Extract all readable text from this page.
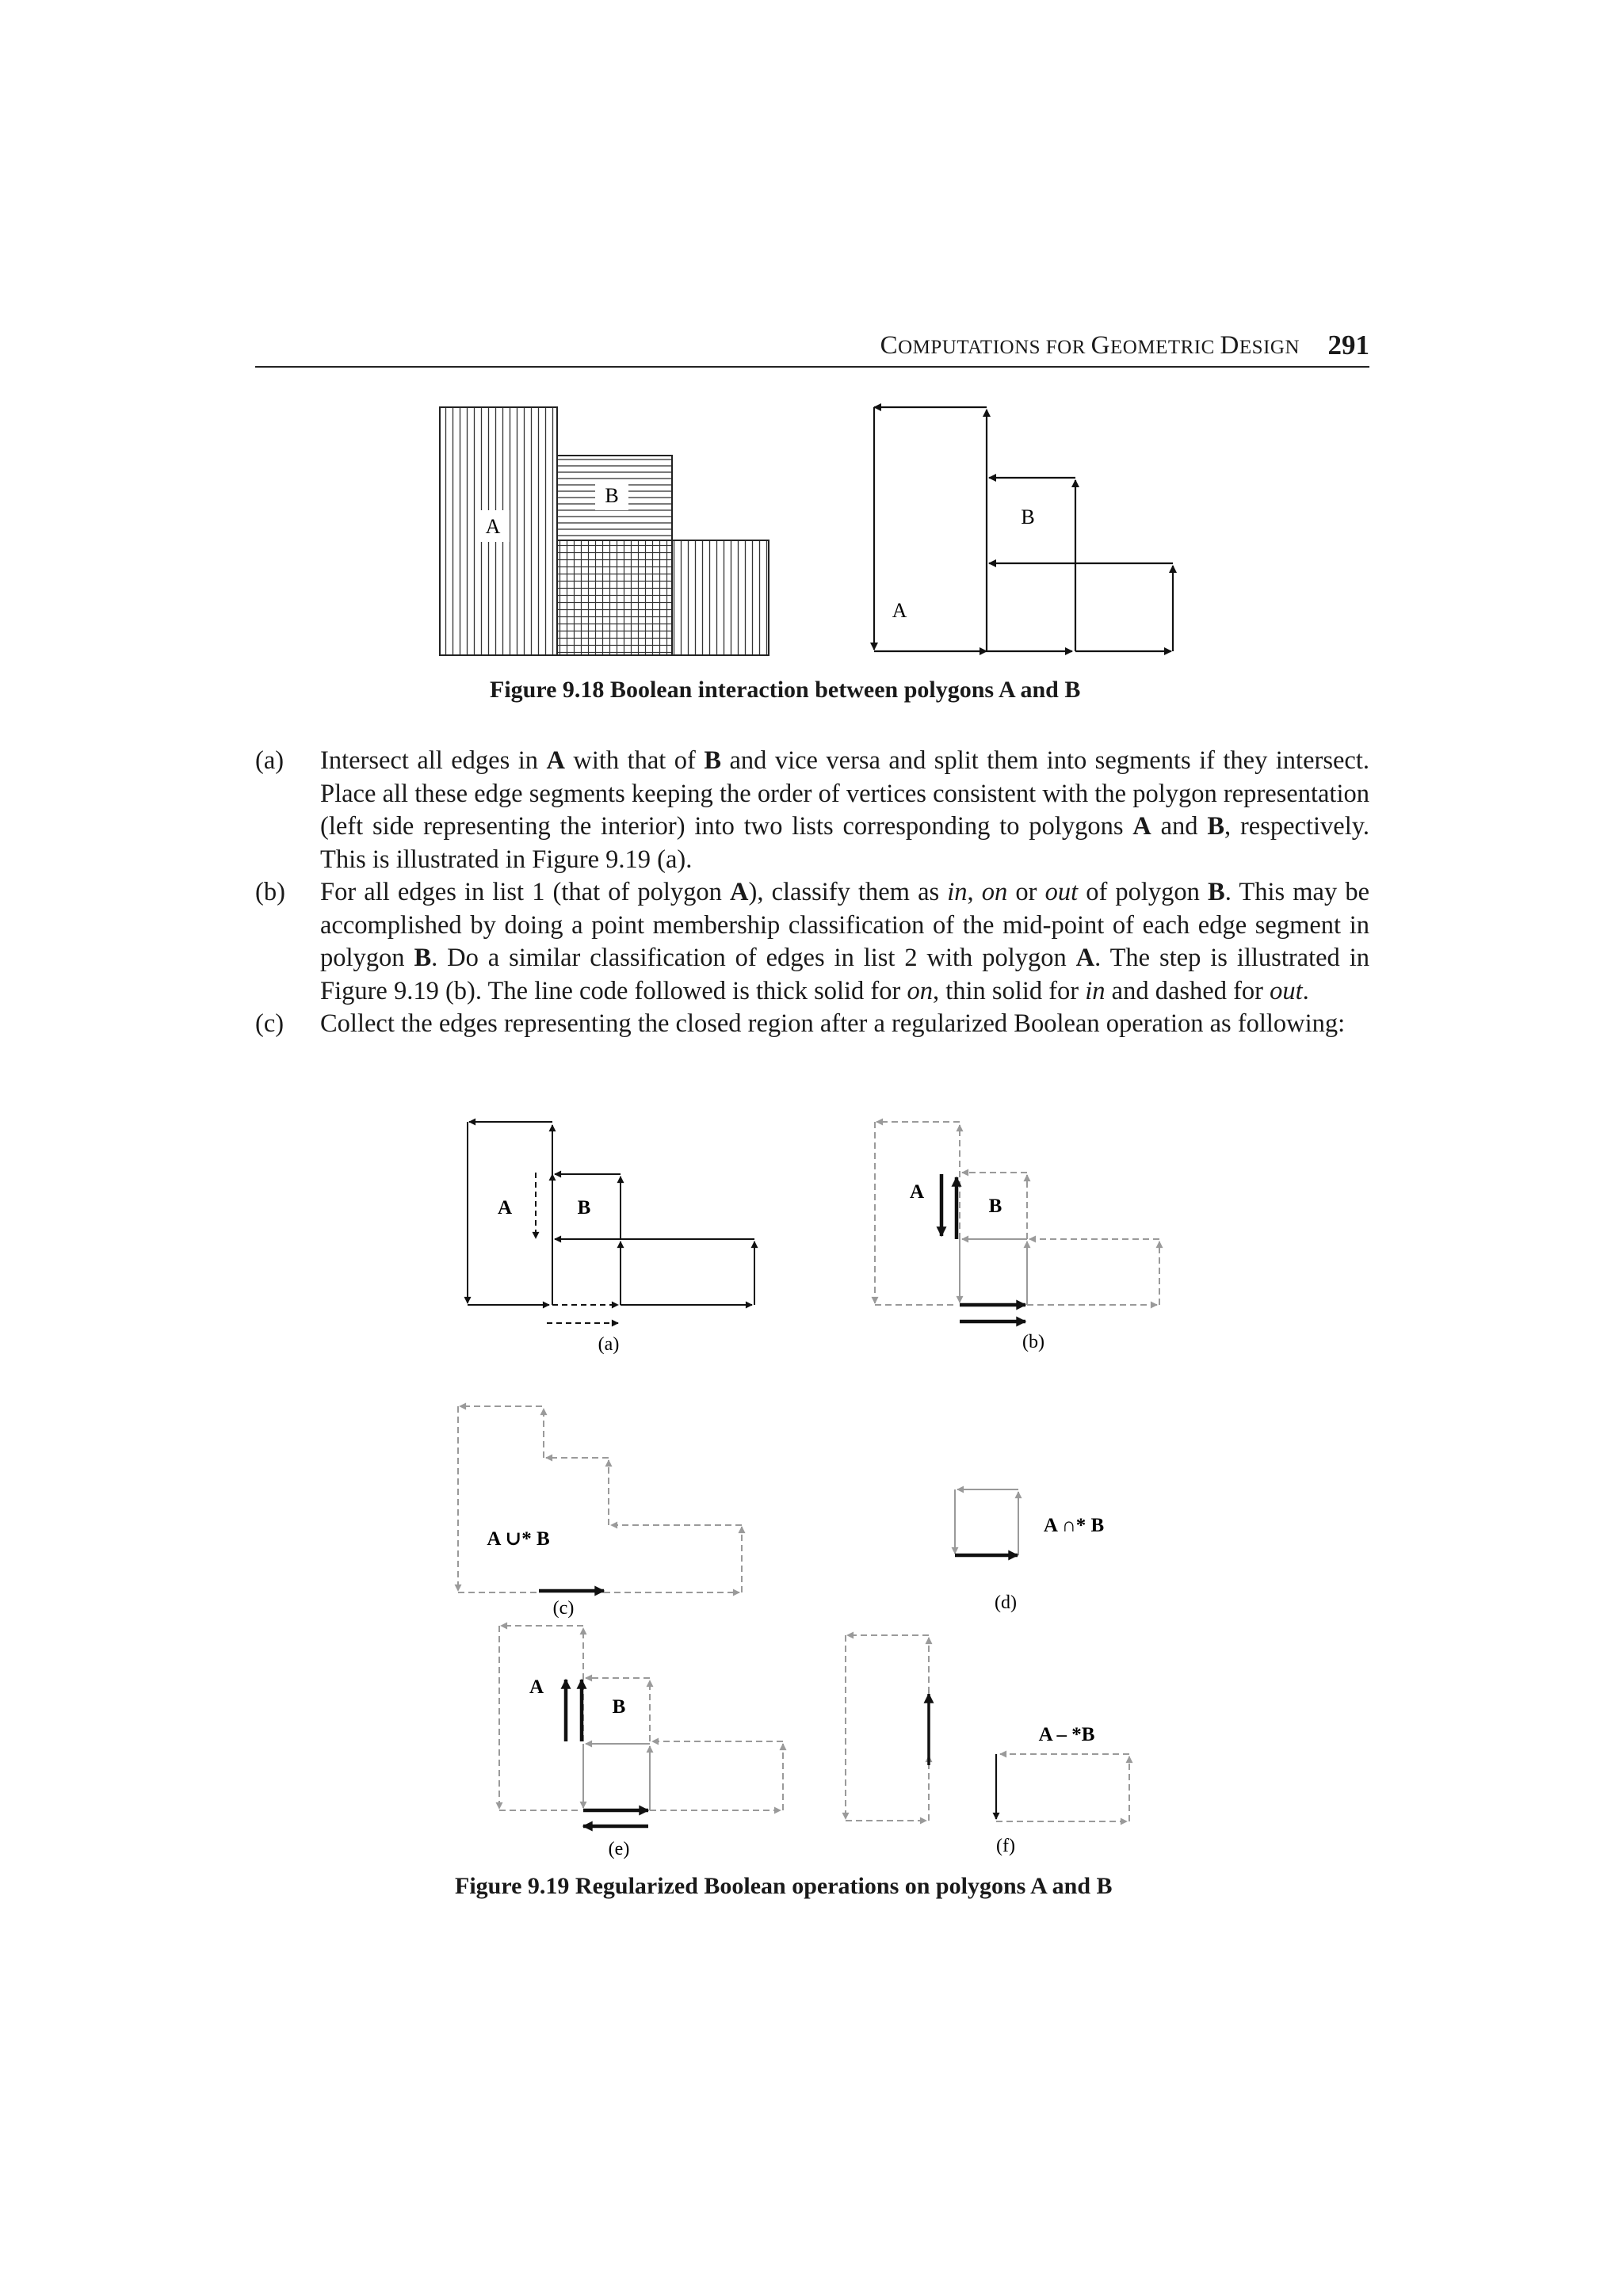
COMPUTATIONS FOR GEOMETRIC DESIGN 291
A
B
A
B
Figure 9.18 Boolean interaction between polygons A and B
(a) Intersect all edges in A with that of B and vice versa and split them into segments if they intersect. Place all these edge segments keeping the order of vertices consistent with the polygon representation (left side representing the interior) into two lists corresponding to polygons A and B, respectively. This is illustrated in Figure 9.19 (a).
(b) For all edges in list 1 (that of polygon A), classify them as in, on or out of polygon B. This may be accomplished by doing a point membership classification of the mid-point of each edge segment in polygon B. Do a similar classification of edges in list 2 with polygon A. The step is illustrated in Figure 9.19 (b). The line code followed is thick solid for on, thin solid for in and dashed for out.
(c) Collect the edges representing the closed region after a regularized Boolean operation as following:
A	B
(a)
A
B
(b)
A ∪* B
(c)
A ∩* B
(d)
A
B
(e)
A – *B
(f)
Figure 9.19 Regularized Boolean operations on polygons A and B
